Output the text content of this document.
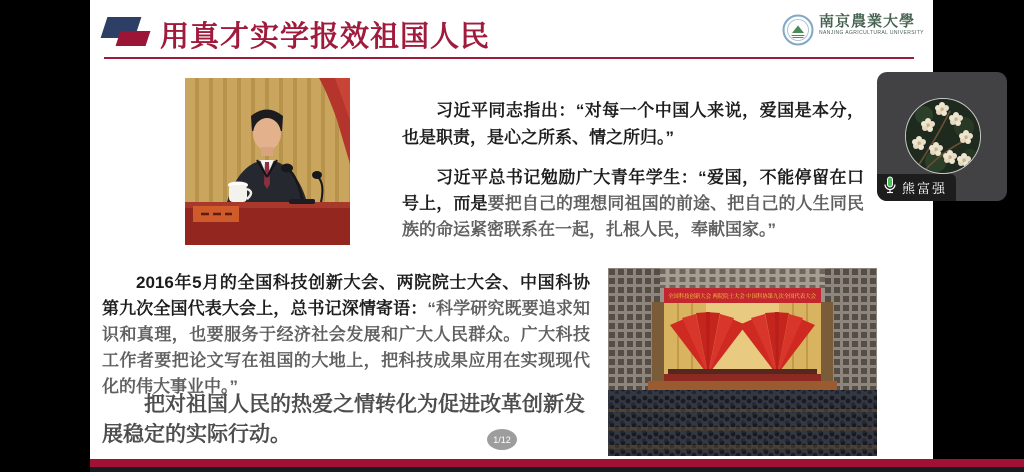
用真才实学报效祖国人民	南京農業大學
NANJING AGRICULTURAL UNIVERSITY

习近平同志指出：“对每一个中国人来说，爱国是本分，也是职责，是心之所系、情之所归。”

习近平总书记勉励广大青年学生：“爱国，不能停留在口号上，而是要把自己的理想同祖国的前途、把自己的人生同民族的命运紧密联系在一起，扎根人民，奉献国家。”

2016年5月的全国科技创新大会、两院院士大会、中国科协第九次全国代表大会上，总书记深情寄语：“科学研究既要追求知识和真理，也要服务于经济社会发展和广大人民群众。广大科技工作者要把论文写在祖国的大地上，把科技成果应用在实现现代化的伟大事业中。”

把对祖国人民的热爱之情转化为促进改革创新发展稳定的实际行动。	1/12
全国科技创新大会 两院院士大会 中国科协第九次全国代表大会
熊富强
